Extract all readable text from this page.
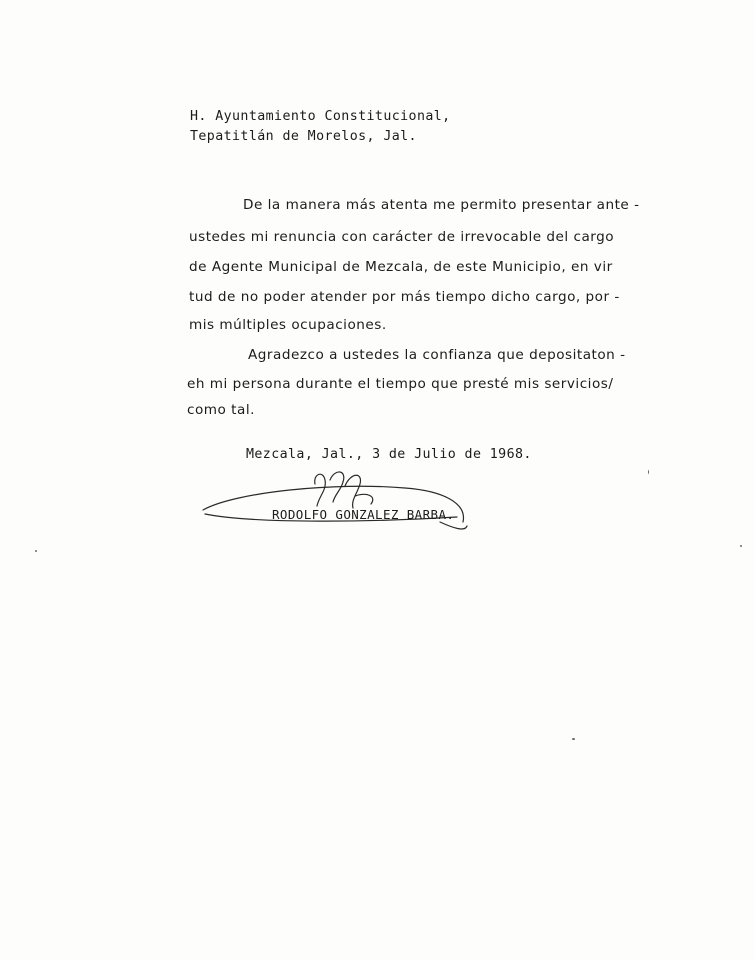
H. Ayuntamiento Constitucional,

Tepatitlán de Morelos, Jal.

De la manera más atenta me permito presentar ante -

ustedes mi renuncia con carácter de irrevocable del cargo

de Agente Municipal de Mezcala, de este Municipio, en vir

tud de no poder atender por más tiempo dicho cargo, por -

mis múltiples ocupaciones.

Agradezco a ustedes la confianza que depositaton -

eh mi persona durante el tiempo que presté mis servicios/

como tal.

Mezcala, Jal., 3 de Julio de 1968.

RODOLFO GONZALEZ BARBA.
